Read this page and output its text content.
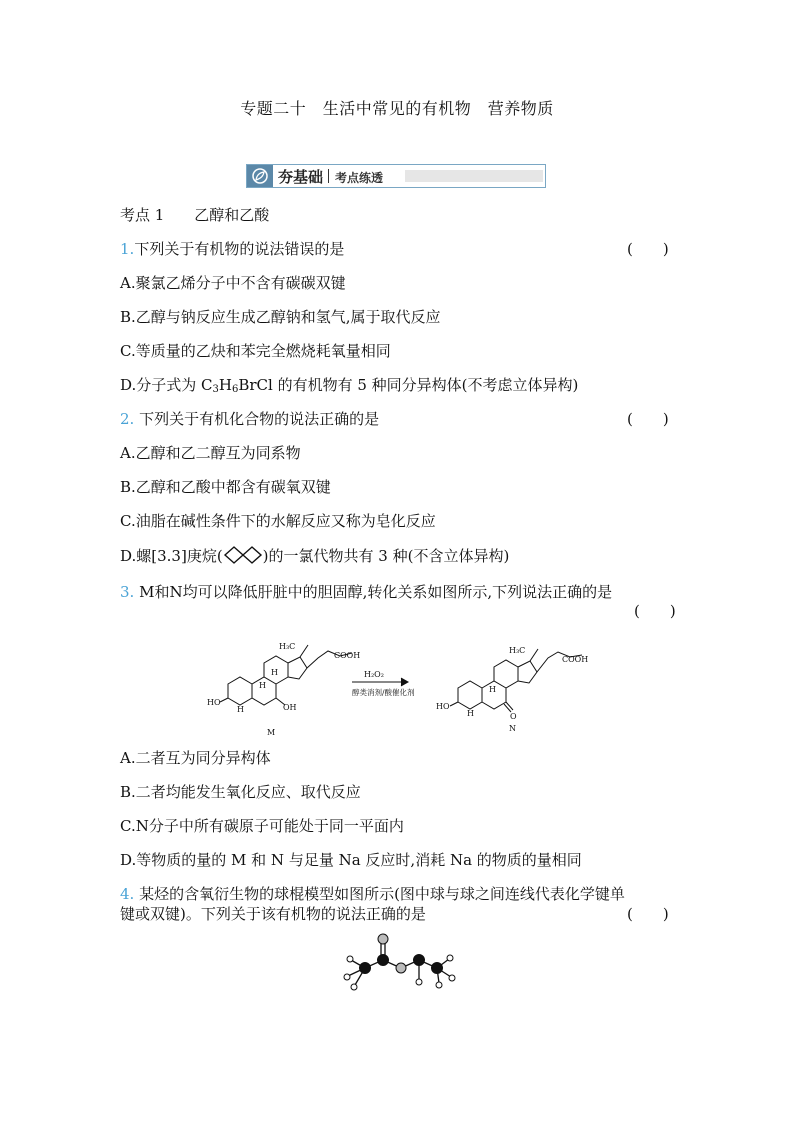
专题二十　生活中常见的有机物　营养物质
夯基础 考点练透
考点 1　　乙醇和乙酸
1.下列关于有机物的说法错误的是	(　　)
A.聚氯乙烯分子中不含有碳碳双键
B.乙醇与钠反应生成乙醇钠和氢气,属于取代反应
C.等质量的乙炔和苯完全燃烧耗氧量相同
D.分子式为 C3H6BrCl 的有机物有 5 种同分异构体(不考虑立体异构)
2. 下列关于有机化合物的说法正确的是	(　　)
A.乙醇和乙二醇互为同系物
B.乙醇和乙酸中都含有碳氧双键
C.油脂在碱性条件下的水解反应又称为皂化反应
D.螺[3.3]庚烷(	)的一氯代物共有 3 种(不含立体异构)
3. M和N均可以降低肝脏中的胆固醇,转化关系如图所示,下列说法正确的是
(　　)
H₃C
COOH
HO
OH
H
H
H
M
H₃C
COOH
HO
O
H
H
N
H₂O₂
醇类消剂/酸催化剂
A.二者互为同分异构体
B.二者均能发生氧化反应、取代反应
C.N分子中所有碳原子可能处于同一平面内
D.等物质的量的 M 和 N 与足量 Na 反应时,消耗 Na 的物质的量相同
4. 某烃的含氧衍生物的球棍模型如图所示(图中球与球之间连线代表化学键单
键或双键)。下列关于该有机物的说法正确的是	(　　)
